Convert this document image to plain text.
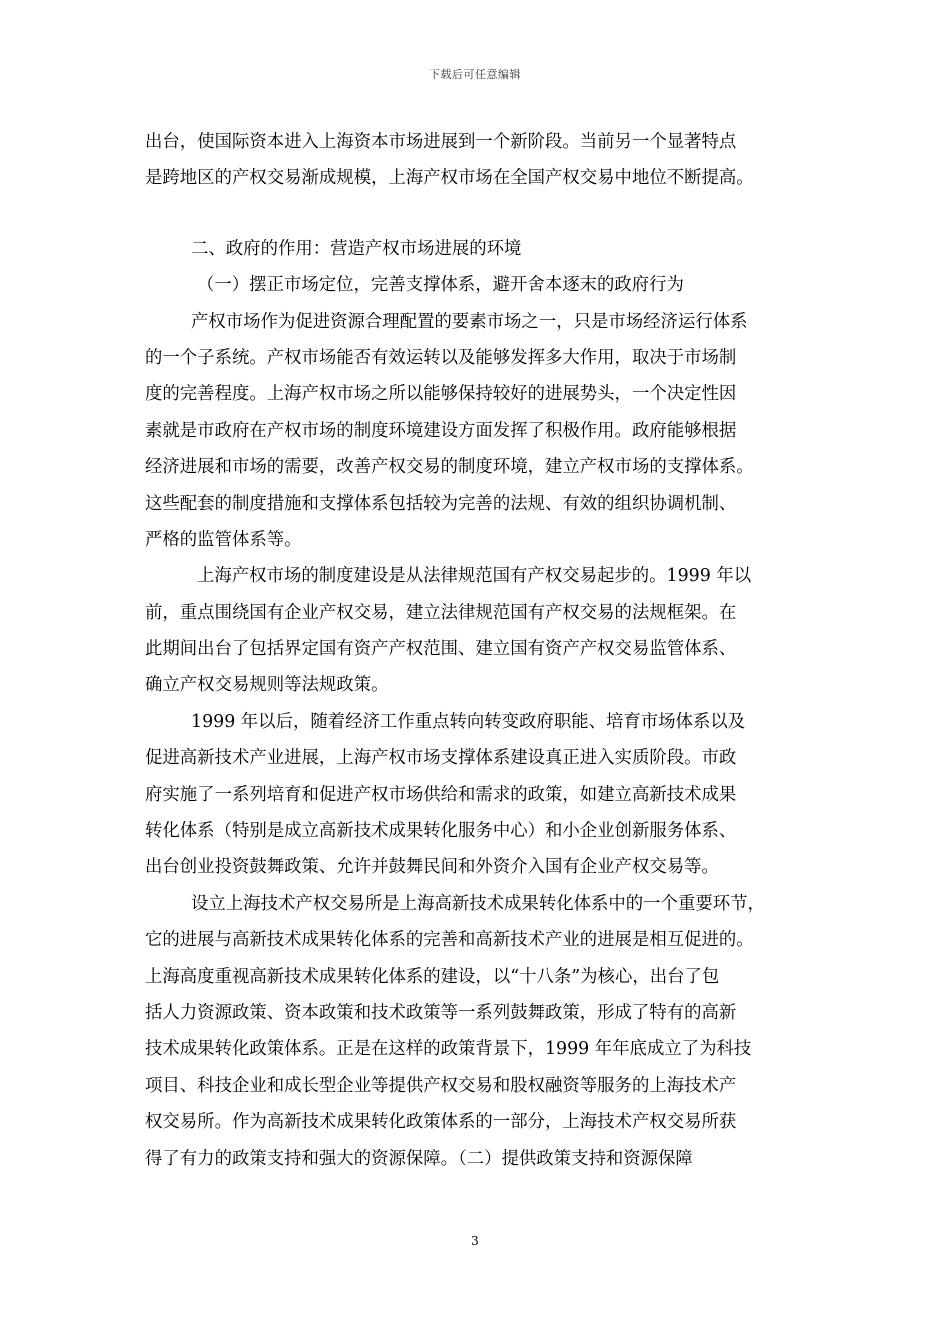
下载后可任意编辑
出台，使国际资本进入上海资本市场进展到一个新阶段。当前另一个显著特点
是跨地区的产权交易渐成规模，上海产权市场在全国产权交易中地位不断提高。
二、政府的作用：营造产权市场进展的环境
（一）摆正市场定位，完善支撑体系，避开舍本逐末的政府行为
产权市场作为促进资源合理配置的要素市场之一，只是市场经济运行体系
的一个子系统。产权市场能否有效运转以及能够发挥多大作用，取决于市场制
度的完善程度。上海产权市场之所以能够保持较好的进展势头，一个决定性因
素就是市政府在产权市场的制度环境建设方面发挥了积极作用。政府能够根据
经济进展和市场的需要，改善产权交易的制度环境，建立产权市场的支撑体系。
这些配套的制度措施和支撑体系包括较为完善的法规、有效的组织协调机制、
严格的监管体系等。
上海产权市场的制度建设是从法律规范国有产权交易起步的。1999 年以
前，重点围绕国有企业产权交易，建立法律规范国有产权交易的法规框架。在
此期间出台了包括界定国有资产产权范围、建立国有资产产权交易监管体系、
确立产权交易规则等法规政策。
1999 年以后，随着经济工作重点转向转变政府职能、培育市场体系以及
促进高新技术产业进展，上海产权市场支撑体系建设真正进入实质阶段。市政
府实施了一系列培育和促进产权市场供给和需求的政策，如建立高新技术成果
转化体系（特别是成立高新技术成果转化服务中心）和小企业创新服务体系、
出台创业投资鼓舞政策、允许并鼓舞民间和外资介入国有企业产权交易等。
设立上海技术产权交易所是上海高新技术成果转化体系中的一个重要环节，
它的进展与高新技术成果转化体系的完善和高新技术产业的进展是相互促进的。
上海高度重视高新技术成果转化体系的建设，以“十八条”为核心，出台了包
括人力资源政策、资本政策和技术政策等一系列鼓舞政策，形成了特有的高新
技术成果转化政策体系。正是在这样的政策背景下，1999 年年底成立了为科技
项目、科技企业和成长型企业等提供产权交易和股权融资等服务的上海技术产
权交易所。作为高新技术成果转化政策体系的一部分，上海技术产权交易所获
得了有力的政策支持和强大的资源保障。（二）提供政策支持和资源保障
3
